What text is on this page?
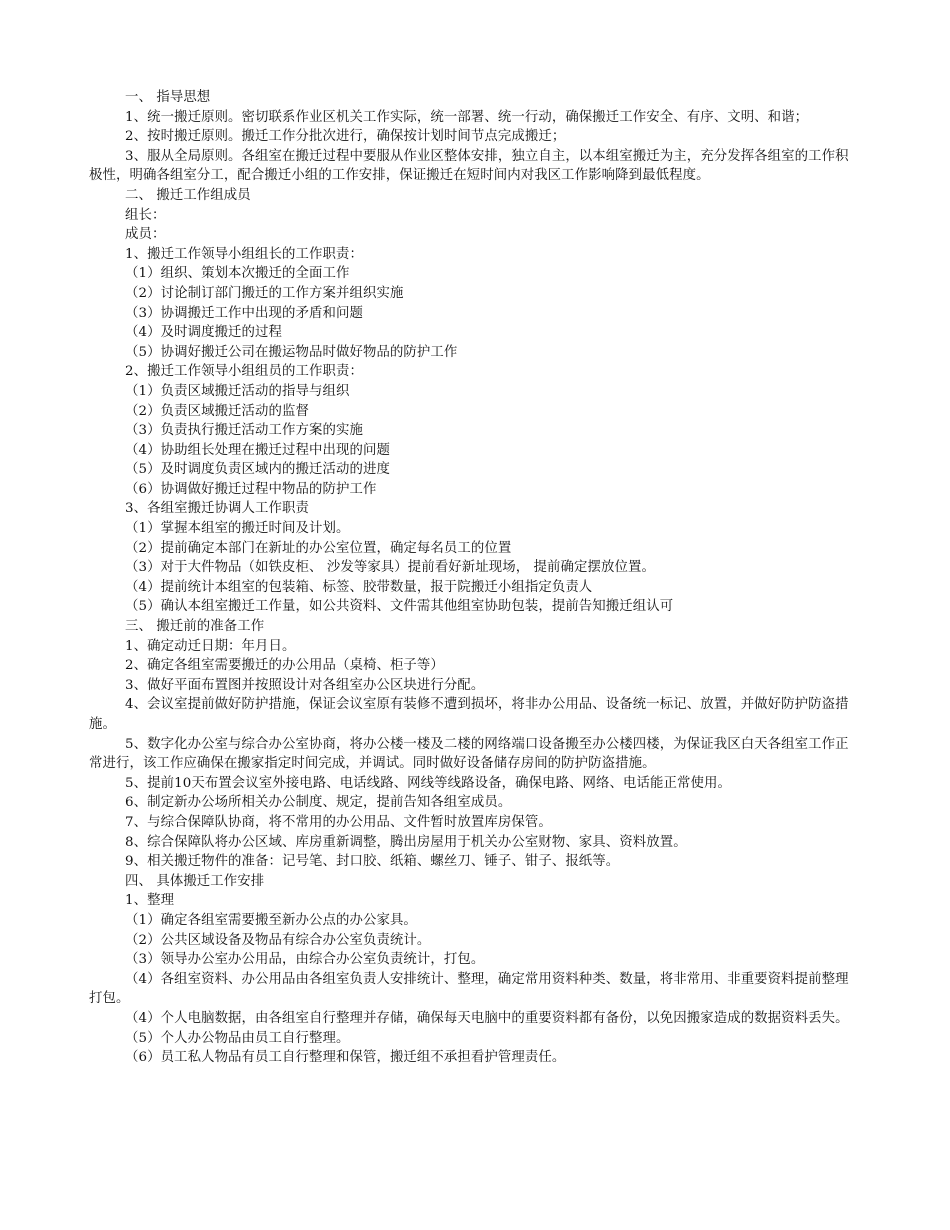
一、 指导思想

1、统一搬迁原则。密切联系作业区机关工作实际，统一部署、统一行动，确保搬迁工作安全、有序、文明、和谐；

2、按时搬迁原则。搬迁工作分批次进行，确保按计划时间节点完成搬迁；

3、服从全局原则。各组室在搬迁过程中要服从作业区整体安排，独立自主，以本组室搬迁为主，充分发挥各组室的工作积极性，明确各组室分工，配合搬迁小组的工作安排，保证搬迁在短时间内对我区工作影响降到最低程度。

二、 搬迁工作组成员

组长：

成员：

1、搬迁工作领导小组组长的工作职责：

（1）组织、策划本次搬迁的全面工作

（2）讨论制订部门搬迁的工作方案并组织实施

（3）协调搬迁工作中出现的矛盾和问题

（4）及时调度搬迁的过程

（5）协调好搬迁公司在搬运物品时做好物品的防护工作

2、搬迁工作领导小组组员的工作职责：

（1）负责区域搬迁活动的指导与组织

（2）负责区域搬迁活动的监督

（3）负责执行搬迁活动工作方案的实施

（4）协助组长处理在搬迁过程中出现的问题

（5）及时调度负责区域内的搬迁活动的进度

（6）协调做好搬迁过程中物品的防护工作

3、各组室搬迁协调人工作职责

（1）掌握本组室的搬迁时间及计划。

（2）提前确定本部门在新址的办公室位置，确定每名员工的位置

（3）对于大件物品（如铁皮柜、 沙发等家具）提前看好新址现场， 提前确定摆放位置。

（4）提前统计本组室的包装箱、标签、胶带数量，报于院搬迁小组指定负责人

（5）确认本组室搬迁工作量，如公共资料、文件需其他组室协助包装，提前告知搬迁组认可

三、 搬迁前的准备工作

1、确定动迁日期：年月日。

2、确定各组室需要搬迁的办公用品（桌椅、柜子等）

3、做好平面布置图并按照设计对各组室办公区块进行分配。

4、会议室提前做好防护措施，保证会议室原有装修不遭到损坏，将非办公用品、设备统一标记、放置，并做好防护防盗措施。

5、数字化办公室与综合办公室协商，将办公楼一楼及二楼的网络端口设备搬至办公楼四楼，为保证我区白天各组室工作正常进行，该工作应确保在搬家指定时间完成，并调试。同时做好设备储存房间的防护防盗措施。

5、提前10天布置会议室外接电路、电话线路、网线等线路设备，确保电路、网络、电话能正常使用。

6、制定新办公场所相关办公制度、规定，提前告知各组室成员。

7、与综合保障队协商，将不常用的办公用品、文件暂时放置库房保管。

8、综合保障队将办公区域、库房重新调整，腾出房屋用于机关办公室财物、家具、资料放置。

9、相关搬迁物件的准备：记号笔、封口胶、纸箱、螺丝刀、锤子、钳子、报纸等。

四、 具体搬迁工作安排

1、整理

（1）确定各组室需要搬至新办公点的办公家具。

（2）公共区域设备及物品有综合办公室负责统计。

（3）领导办公室办公用品，由综合办公室负责统计，打包。

（4）各组室资料、办公用品由各组室负责人安排统计、整理，确定常用资料种类、数量，将非常用、非重要资料提前整理打包。

（4）个人电脑数据，由各组室自行整理并存储，确保每天电脑中的重要资料都有备份，以免因搬家造成的数据资料丢失。

（5）个人办公物品由员工自行整理。

（6）员工私人物品有员工自行整理和保管，搬迁组不承担看护管理责任。
